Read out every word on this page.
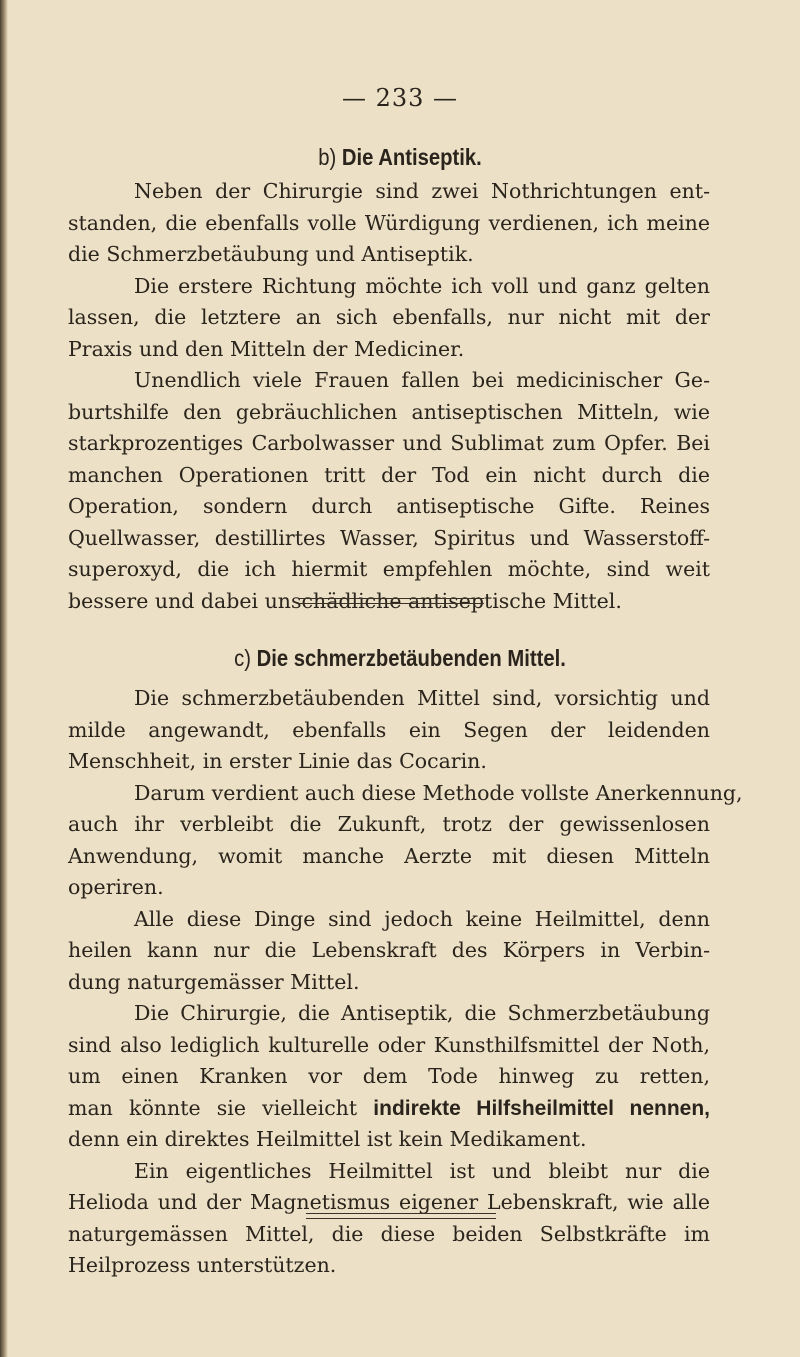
— 233 —
b) Die Antiseptik.
Neben der Chirurgie sind zwei Nothrichtungen ent-
standen, die ebenfalls volle Würdigung verdienen, ich meine
die Schmerzbetäubung und Antiseptik.
Die erstere Richtung möchte ich voll und ganz gelten
lassen, die letztere an sich ebenfalls, nur nicht mit der
Praxis und den Mitteln der Mediciner.
Unendlich viele Frauen fallen bei medicinischer Ge-
burtshilfe den gebräuchlichen antiseptischen Mitteln, wie
starkprozentiges Carbolwasser und Sublimat zum Opfer. Bei
manchen Operationen tritt der Tod ein nicht durch die
Operation, sondern durch antiseptische Gifte. Reines
Quellwasser, destillirtes Wasser, Spiritus und Wasserstoff-
superoxyd, die ich hiermit empfehlen möchte, sind weit
bessere und dabei unschädliche antiseptische Mittel.
c) Die schmerzbetäubenden Mittel.
Die schmerzbetäubenden Mittel sind, vorsichtig und
milde angewandt, ebenfalls ein Segen der leidenden
Menschheit, in erster Linie das Cocarin.
Darum verdient auch diese Methode vollste Anerkennung,
auch ihr verbleibt die Zukunft, trotz der gewissenlosen
Anwendung, womit manche Aerzte mit diesen Mitteln
operiren.
Alle diese Dinge sind jedoch keine Heilmittel, denn
heilen kann nur die Lebenskraft des Körpers in Verbin-
dung naturgemässer Mittel.
Die Chirurgie, die Antiseptik, die Schmerzbetäubung
sind also lediglich kulturelle oder Kunsthilfsmittel der Noth,
um einen Kranken vor dem Tode hinweg zu retten,
man könnte sie vielleicht indirekte Hilfsheilmittel nennen,
denn ein direktes Heilmittel ist kein Medikament.
Ein eigentliches Heilmittel ist und bleibt nur die
Helioda und der Magnetismus eigener Lebenskraft, wie alle
naturgemässen Mittel, die diese beiden Selbstkräfte im
Heilprozess unterstützen.
